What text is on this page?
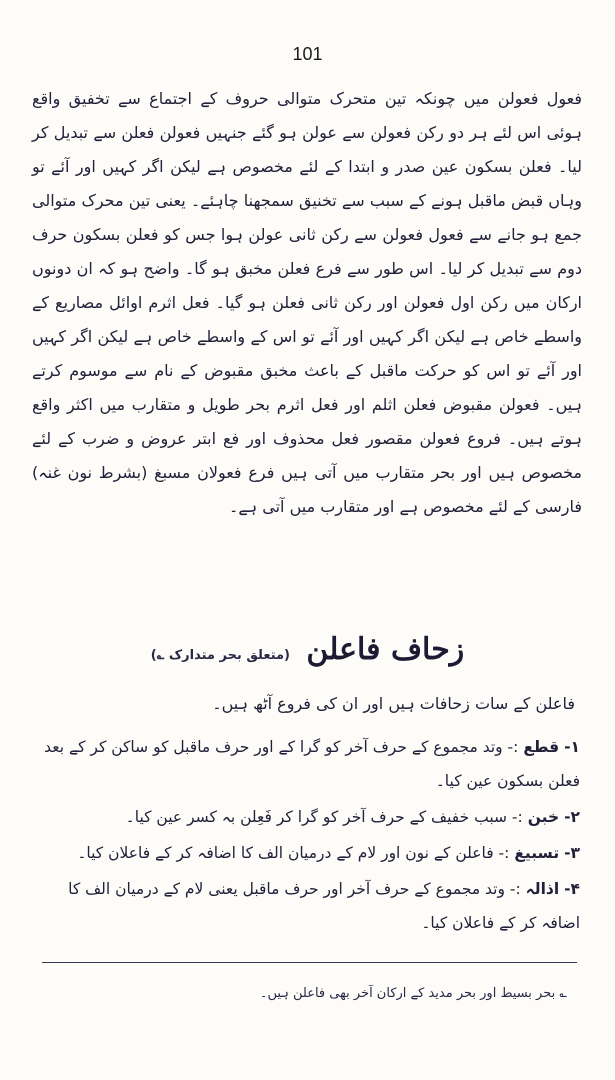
101

فعول فعولن میں چونکہ تین متحرک متوالی حروف کے اجتماع سے تخفیق واقع ہوئی اس لئے ہر دو رکن فعولن سے عولن ہو گئے جنہیں فعولن فعلن سے تبدیل کر لیا۔ فعلن بسکون عین صدر و ابتدا کے لئے مخصوص ہے لیکن اگر کہیں اور آئے تو وہاں قبض ماقبل ہونے کے سبب سے تخنیق سمجھنا چاہئے۔ یعنی تین محرک متوالی جمع ہو جانے سے فعول فعولن سے رکن ثانی عولن ہوا جس کو فعلن بسکون حرف دوم سے تبدیل کر لیا۔ اس طور سے فرع فعلن مخبق ہو گا۔ واضح ہو کہ ان دونوں ارکان میں رکن اول فعولن اور رکن ثانی فعلن ہو گیا۔ فعل اثرم اوائل مصاریع کے واسطے خاص ہے لیکن اگر کہیں اور آئے تو اس کے واسطے خاص ہے لیکن اگر کہیں اور آئے تو اس کو حرکت ماقبل کے باعث مخبق مقبوض کے نام سے موسوم کرتے ہیں۔ فعولن مقبوض فعلن اثلم اور فعل اثرم بحر طویل و متقارب میں اکثر واقع ہوتے ہیں۔ فروع فعولن مقصور فعل محذوف اور فع ابتر عروض و ضرب کے لئے مخصوص ہیں اور بحر متقارب میں آتی ہیں فرع فعولان مسبغ (بشرط نون غنہ) فارسی کے لئے مخصوص ہے اور متقارب میں آتی ہے۔

زحاف فاعلن (متعلق بحر متدارک ؎)

فاعلن کے سات زحافات ہیں اور ان کی فروع آٹھ ہیں۔

۱- قطع :- وتد مجموع کے حرف آخر کو گرا کے اور حرف ماقبل کو ساکن کر کے بعد فعلن بسکون عین کیا۔
۲- خبن :- سبب خفیف کے حرف آخر کو گرا کر فَعِلن بہ کسر عین کیا۔
۳- تسبیغ :- فاعلن کے نون اور لام کے درمیان الف کا اضافہ کر کے فاعلان کیا۔
۴- اذالہ :- وتد مجموع کے حرف آخر اور حرف ماقبل یعنی لام کے درمیان الف کا اضافہ کر کے فاعلان کیا۔

؎ بحر بسیط اور بحر مدید کے ارکان آخر بھی فاعلن ہیں۔
